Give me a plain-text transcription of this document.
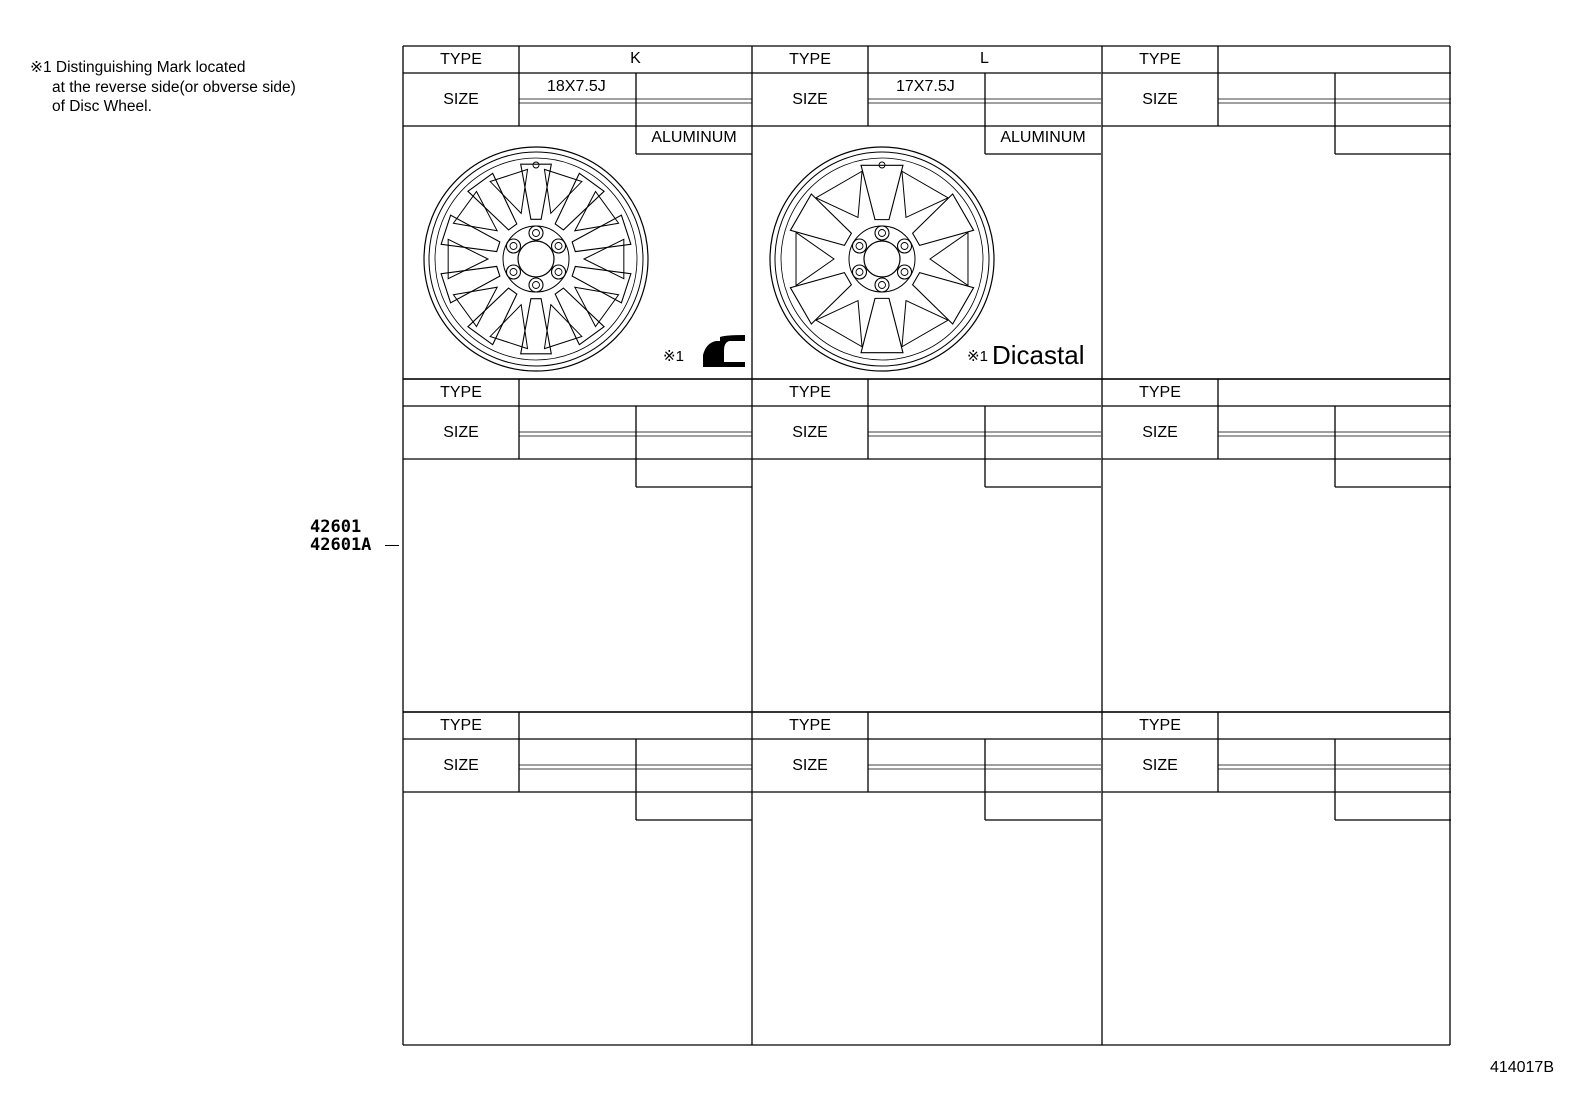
※1 Distinguishing Mark located
at the reverse side(or obverse side)
of Disc Wheel.
42601
42601A
TYPE
SIZE
K
18X7.5J
ALUMINUM
※1
TYPE
SIZE
L
17X7.5J
ALUMINUM
※1 Dicastal
TYPE
SIZE
TYPE
SIZE
TYPE
SIZE
TYPE
SIZE
TYPE
SIZE
TYPE
SIZE
TYPE
SIZE
414017B
